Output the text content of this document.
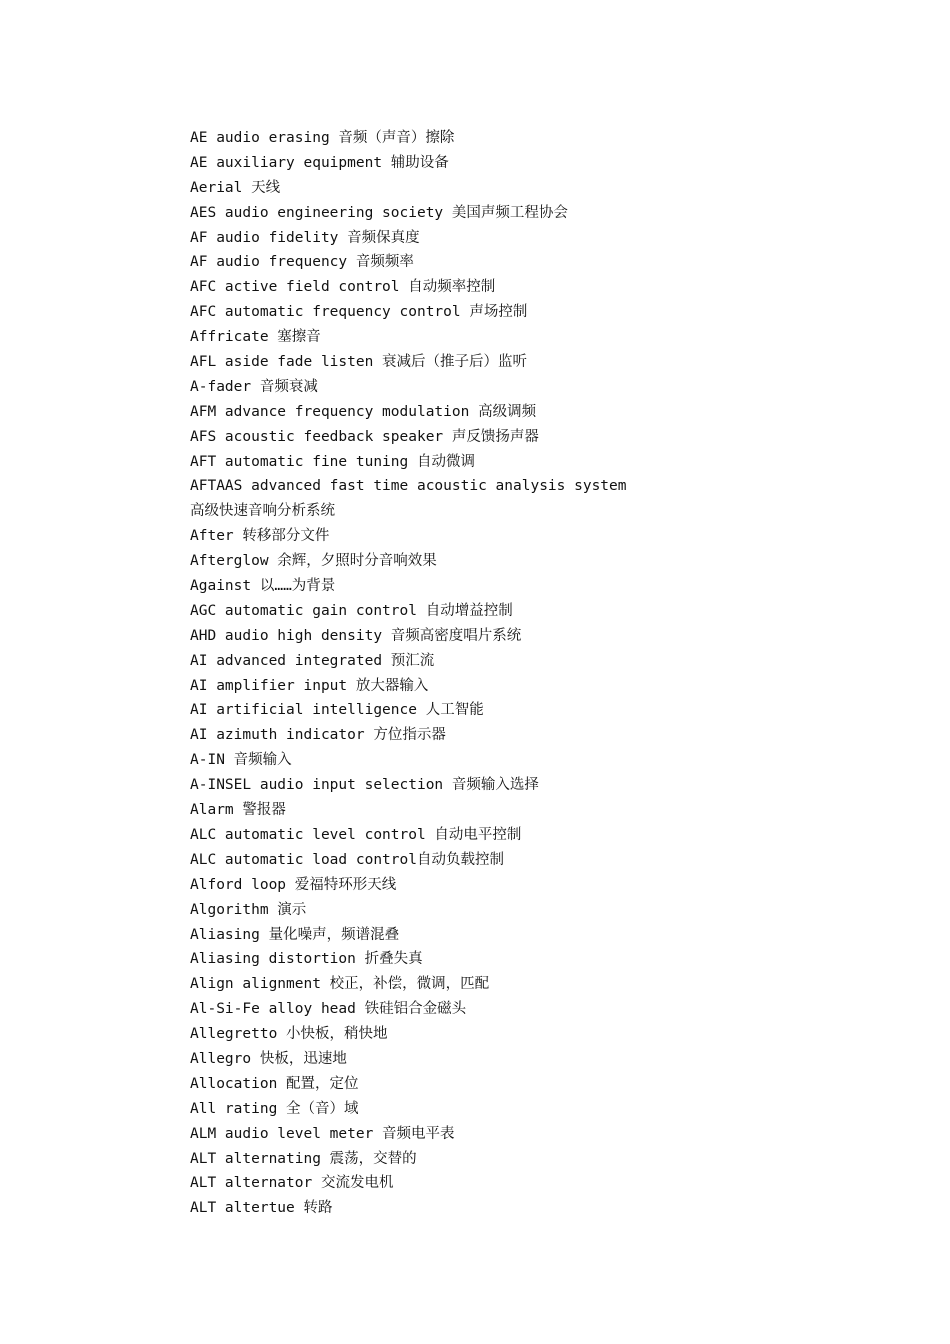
AE audio erasing 音频（声音）擦除
AE auxiliary equipment 辅助设备
Aerial 天线
AES audio engineering society 美国声频工程协会
AF audio fidelity 音频保真度
AF audio frequency 音频频率
AFC active field control 自动频率控制
AFC automatic frequency control 声场控制
Affricate 塞擦音
AFL aside fade listen 衰减后（推子后）监听
A-fader 音频衰减
AFM advance frequency modulation 高级调频
AFS acoustic feedback speaker 声反馈扬声器
AFT automatic fine tuning 自动微调
AFTAAS advanced fast time acoustic analysis system
高级快速音响分析系统
After 转移部分文件
Afterglow 余辉，夕照时分音响效果
Against 以……为背景
AGC automatic gain control 自动增益控制
AHD audio high density 音频高密度唱片系统
AI advanced integrated 预汇流
AI amplifier input 放大器输入
AI artificial intelligence 人工智能
AI azimuth indicator 方位指示器
A-IN 音频输入
A-INSEL audio input selection 音频输入选择
Alarm 警报器
ALC automatic level control 自动电平控制
ALC automatic load control自动负载控制
Alford loop 爱福特环形天线
Algorithm 演示
Aliasing 量化噪声，频谱混叠
Aliasing distortion 折叠失真
Align alignment 校正，补偿，微调，匹配
Al-Si-Fe alloy head 铁硅铝合金磁头
Allegretto 小快板，稍快地
Allegro 快板，迅速地
Allocation 配置，定位
All rating 全（音）域
ALM audio level meter 音频电平表
ALT alternating 震荡，交替的
ALT alternator 交流发电机
ALT altertue 转路
